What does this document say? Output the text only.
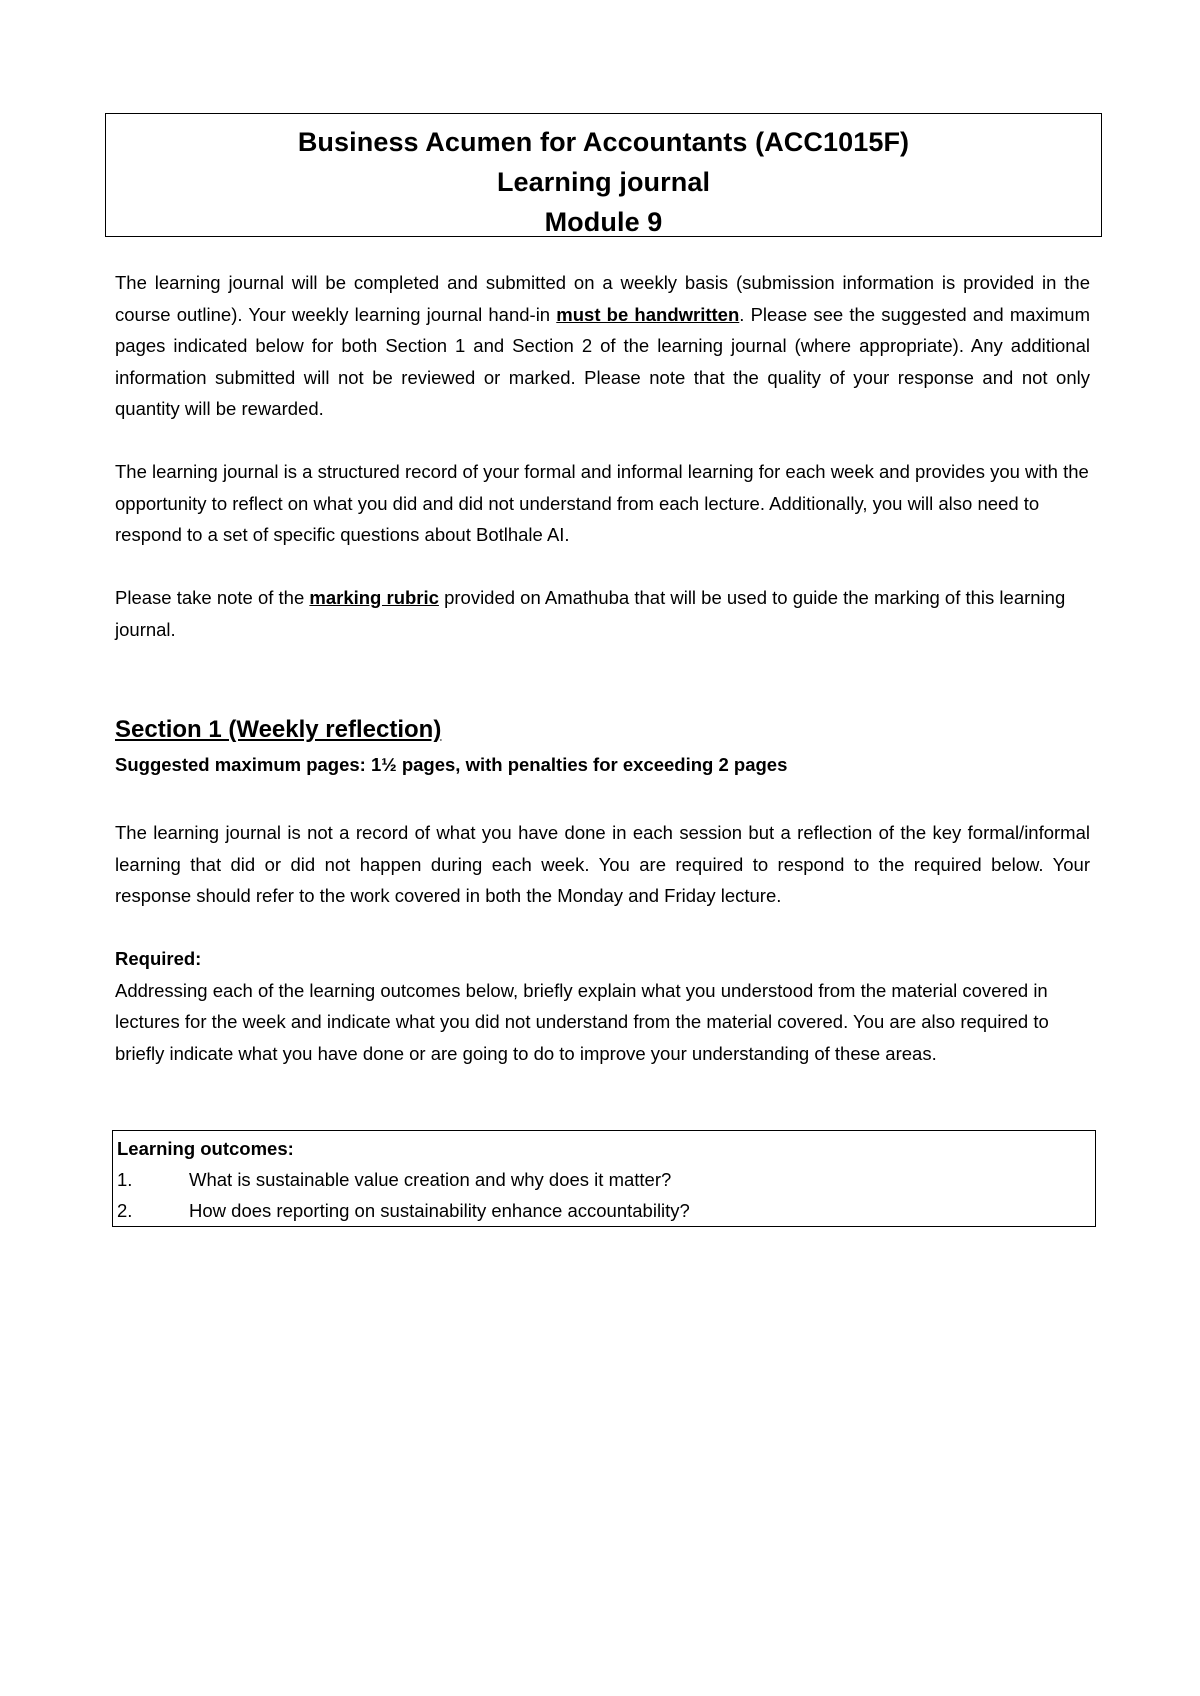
Business Acumen for Accountants (ACC1015F)
Learning journal
Module 9
The learning journal will be completed and submitted on a weekly basis (submission information is provided in the course outline). Your weekly learning journal hand-in must be handwritten. Please see the suggested and maximum pages indicated below for both Section 1 and Section 2 of the learning journal (where appropriate). Any additional information submitted will not be reviewed or marked. Please note that the quality of your response and not only quantity will be rewarded.
The learning journal is a structured record of your formal and informal learning for each week and provides you with the opportunity to reflect on what you did and did not understand from each lecture. Additionally, you will also need to respond to a set of specific questions about Botlhale AI.
Please take note of the marking rubric provided on Amathuba that will be used to guide the marking of this learning journal.
Section 1 (Weekly reflection)
Suggested maximum pages: 1½ pages, with penalties for exceeding 2 pages
The learning journal is not a record of what you have done in each session but a reflection of the key formal/informal learning that did or did not happen during each week. You are required to respond to the required below. Your response should refer to the work covered in both the Monday and Friday lecture.
Required:
Addressing each of the learning outcomes below, briefly explain what you understood from the material covered in lectures for the week and indicate what you did not understand from the material covered. You are also required to briefly indicate what you have done or are going to do to improve your understanding of these areas.
Learning outcomes:
1.	What is sustainable value creation and why does it matter?
2.	How does reporting on sustainability enhance accountability?
